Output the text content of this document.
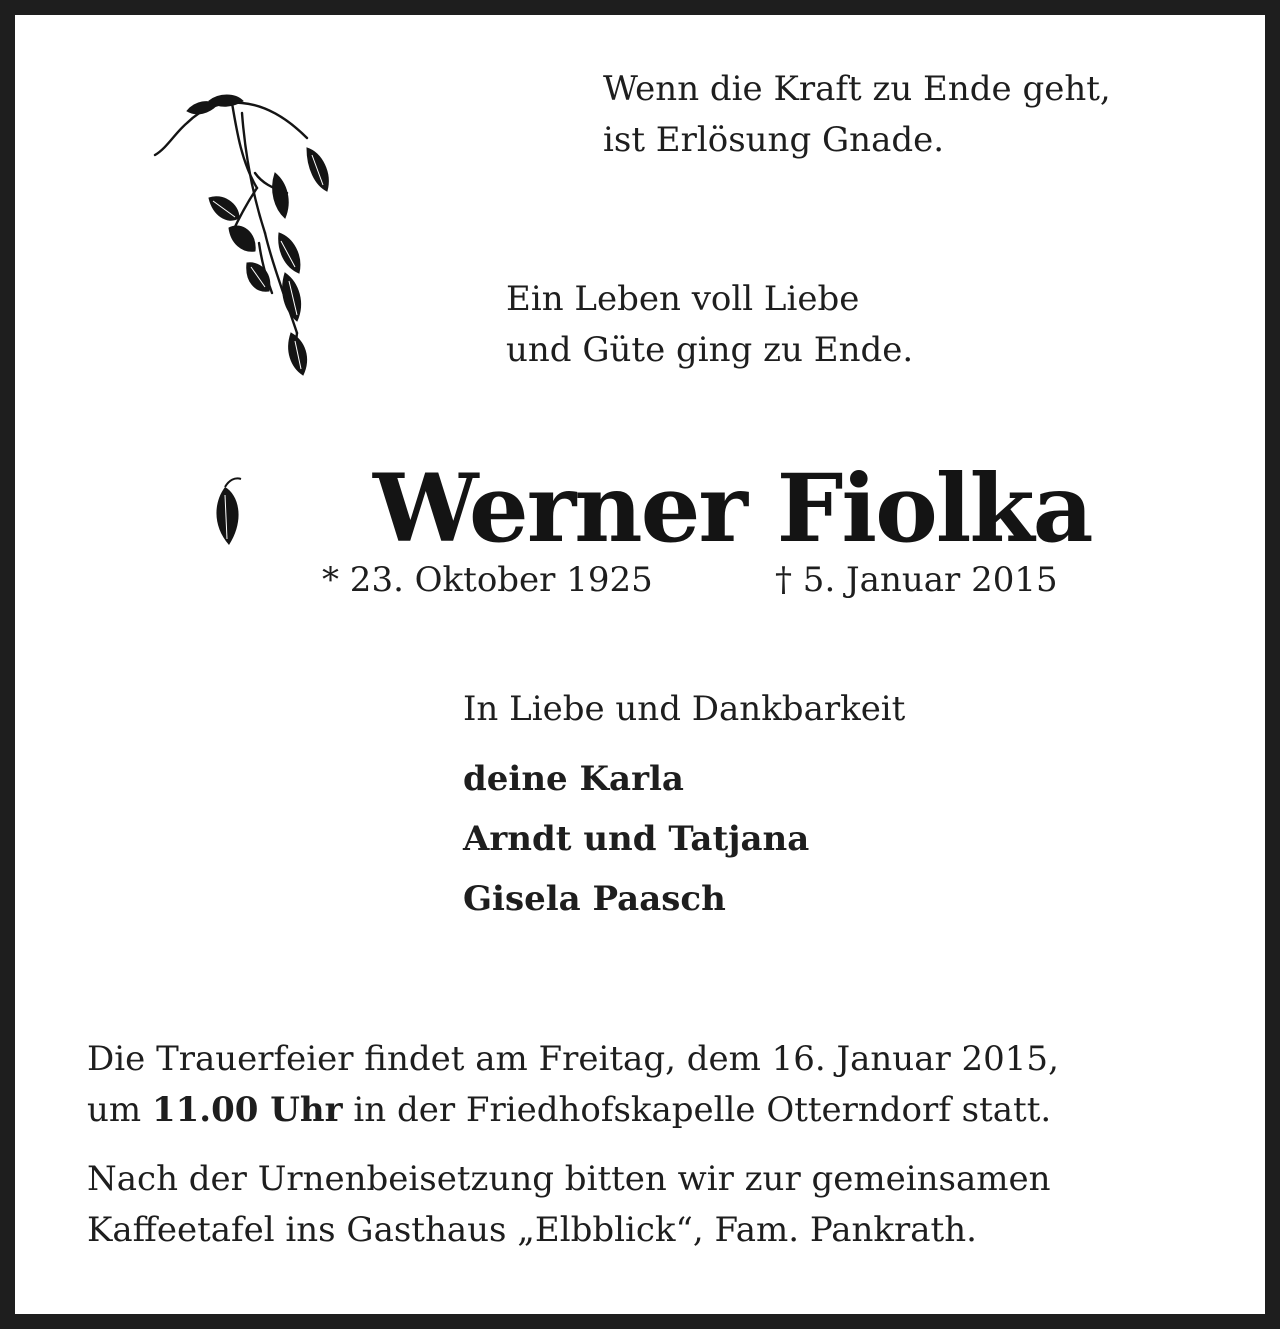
Wenn die Kraft zu Ende geht,
ist Erlösung Gnade.
Ein Leben voll Liebe
und Güte ging zu Ende.
Werner Fiolka
* 23. Oktober 1925	† 5. Januar 2015
In Liebe und Dankbarkeit
deine Karla
Arndt und Tatjana
Gisela Paasch
Die Trauerfeier findet am Freitag, dem 16. Januar 2015,
um 11.00 Uhr in der Friedhofskapelle Otterndorf statt.
Nach der Urnenbeisetzung bitten wir zur gemeinsamen
Kaffeetafel ins Gasthaus „Elbblick“, Fam. Pankrath.
